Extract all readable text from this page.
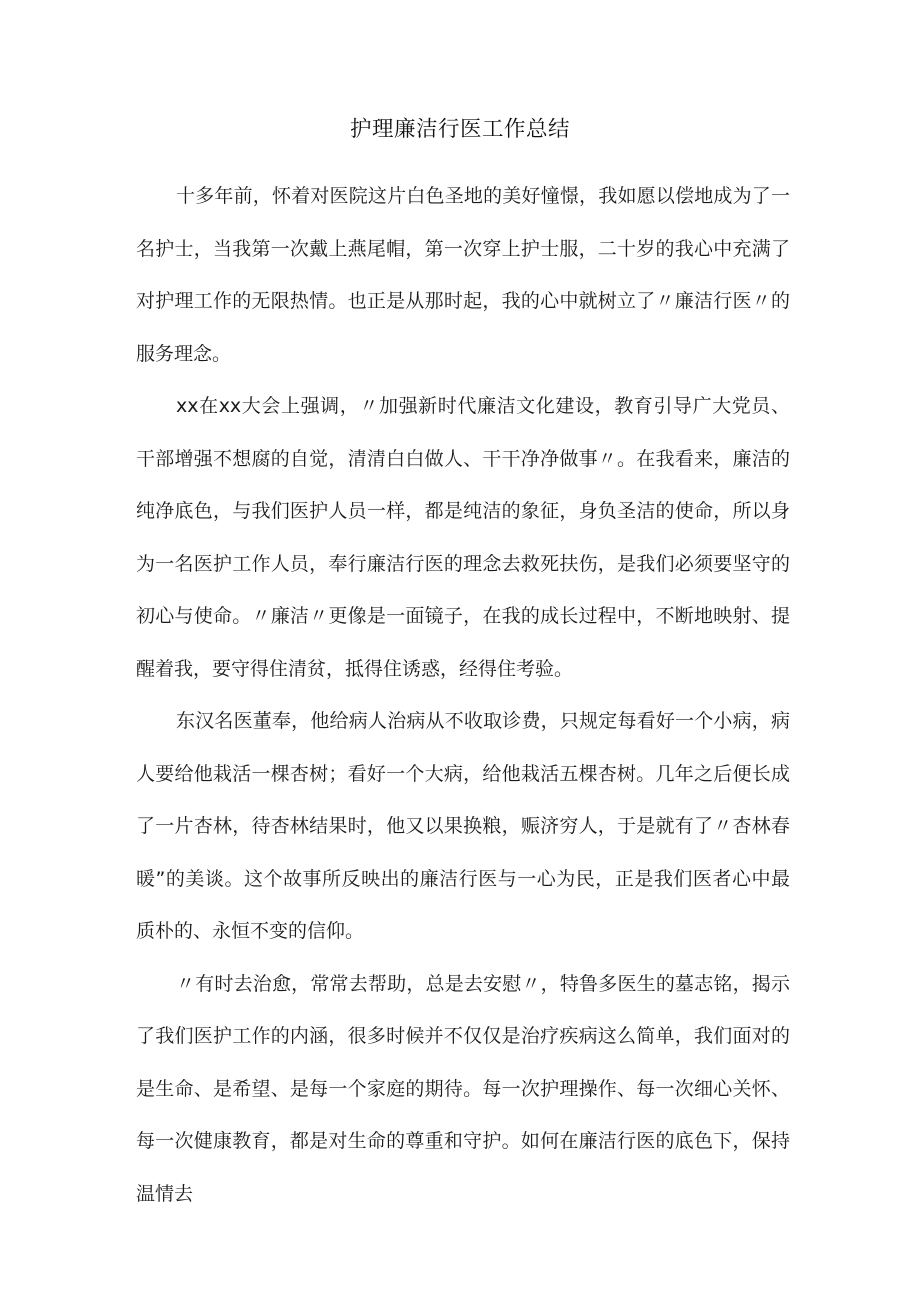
护理廉洁行医工作总结

十多年前，怀着对医院这片白色圣地的美好憧憬，我如愿以偿地成为了一名护士，当我第一次戴上燕尾帽，第一次穿上护士服，二十岁的我心中充满了对护理工作的无限热情。也正是从那时起，我的心中就树立了〃廉洁行医〃的服务理念。

xx在xx大会上强调，〃加强新时代廉洁文化建设，教育引导广大党员、干部增强不想腐的自觉，清清白白做人、干干净净做事〃。在我看来，廉洁的纯净底色，与我们医护人员一样，都是纯洁的象征，身负圣洁的使命，所以身为一名医护工作人员，奉行廉洁行医的理念去救死扶伤，是我们必须要坚守的初心与使命。〃廉洁〃更像是一面镜子，在我的成长过程中，不断地映射、提醒着我，要守得住清贫，抵得住诱惑，经得住考验。

东汉名医董奉，他给病人治病从不收取诊费，只规定每看好一个小病，病人要给他栽活一棵杏树；看好一个大病，给他栽活五棵杏树。几年之后便长成了一片杏林，待杏林结果时，他又以果换粮，赈济穷人，于是就有了〃杏林春暖”的美谈。这个故事所反映出的廉洁行医与一心为民，正是我们医者心中最质朴的、永恒不变的信仰。

〃有时去治愈，常常去帮助，总是去安慰〃，特鲁多医生的墓志铭，揭示了我们医护工作的内涵，很多时候并不仅仅是治疗疾病这么简单，我们面对的是生命、是希望、是每一个家庭的期待。每一次护理操作、每一次细心关怀、每一次健康教育，都是对生命的尊重和守护。如何在廉洁行医的底色下，保持温情去
